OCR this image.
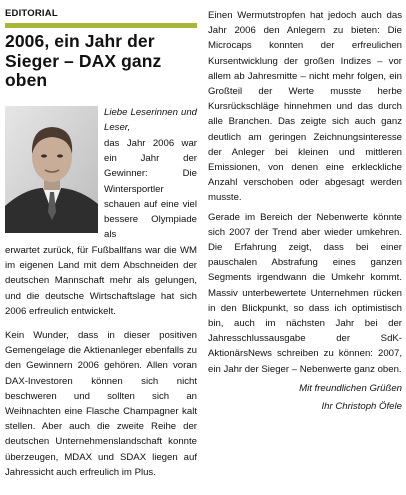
EDITORIAL
2006, ein Jahr der Sieger – DAX ganz oben
Liebe Leserinnen und Leser,
das Jahr 2006 war ein Jahr der Gewinner: Die Wintersportler schauen auf eine viel bessere Olympiade als
erwartet zurück, für Fußballfans war die WM im eigenen Land mit dem Abschneiden der deutschen Mannschaft mehr als gelungen, und die deutsche Wirtschaftslage hat sich 2006 erfreulich entwickelt.
Kein Wunder, dass in dieser positiven Gemengelage die Aktienanleger ebenfalls zu den Gewinnern 2006 gehören. Allen voran DAX-Investoren können sich nicht beschweren und sollten sich an Weihnachten eine Flasche Champagner kalt stellen. Aber auch die zweite Reihe der deutschen Unternehmenslandschaft konnte überzeugen, MDAX und SDAX liegen auf Jahressicht auch erfreulich im Plus.

Einen Wermutstropfen hat jedoch auch das Jahr 2006 den Anlegern zu bieten: Die Microcaps konnten der erfreulichen Kursentwicklung der großen Indizes – vor allem ab Jahresmitte – nicht mehr folgen, ein Großteil der Werte musste herbe Kursrückschläge hinnehmen und das durch alle Branchen. Das zeigte sich auch ganz deutlich am geringen Zeichnungsinteresse der Anleger bei kleinen und mittleren Emissionen, von denen eine erkleckliche Anzahl verschoben oder abgesagt werden musste.

Gerade im Bereich der Nebenwerte könnte sich 2007 der Trend aber wieder umkehren. Die Erfahrung zeigt, dass bei einer pauschalen Abstrafung eines ganzen Segments irgendwann die Umkehr kommt. Massiv unterbewertete Unternehmen rücken in den Blickpunkt, so dass ich optimistisch bin, auch im nächsten Jahr bei der Jahresschlussausgabe der SdK-AktionärsNews schreiben zu können: 2007, ein Jahr der Sieger – Nebenwerte ganz oben.

Mit freundlichen Grüßen
Ihr Christoph Öfele
